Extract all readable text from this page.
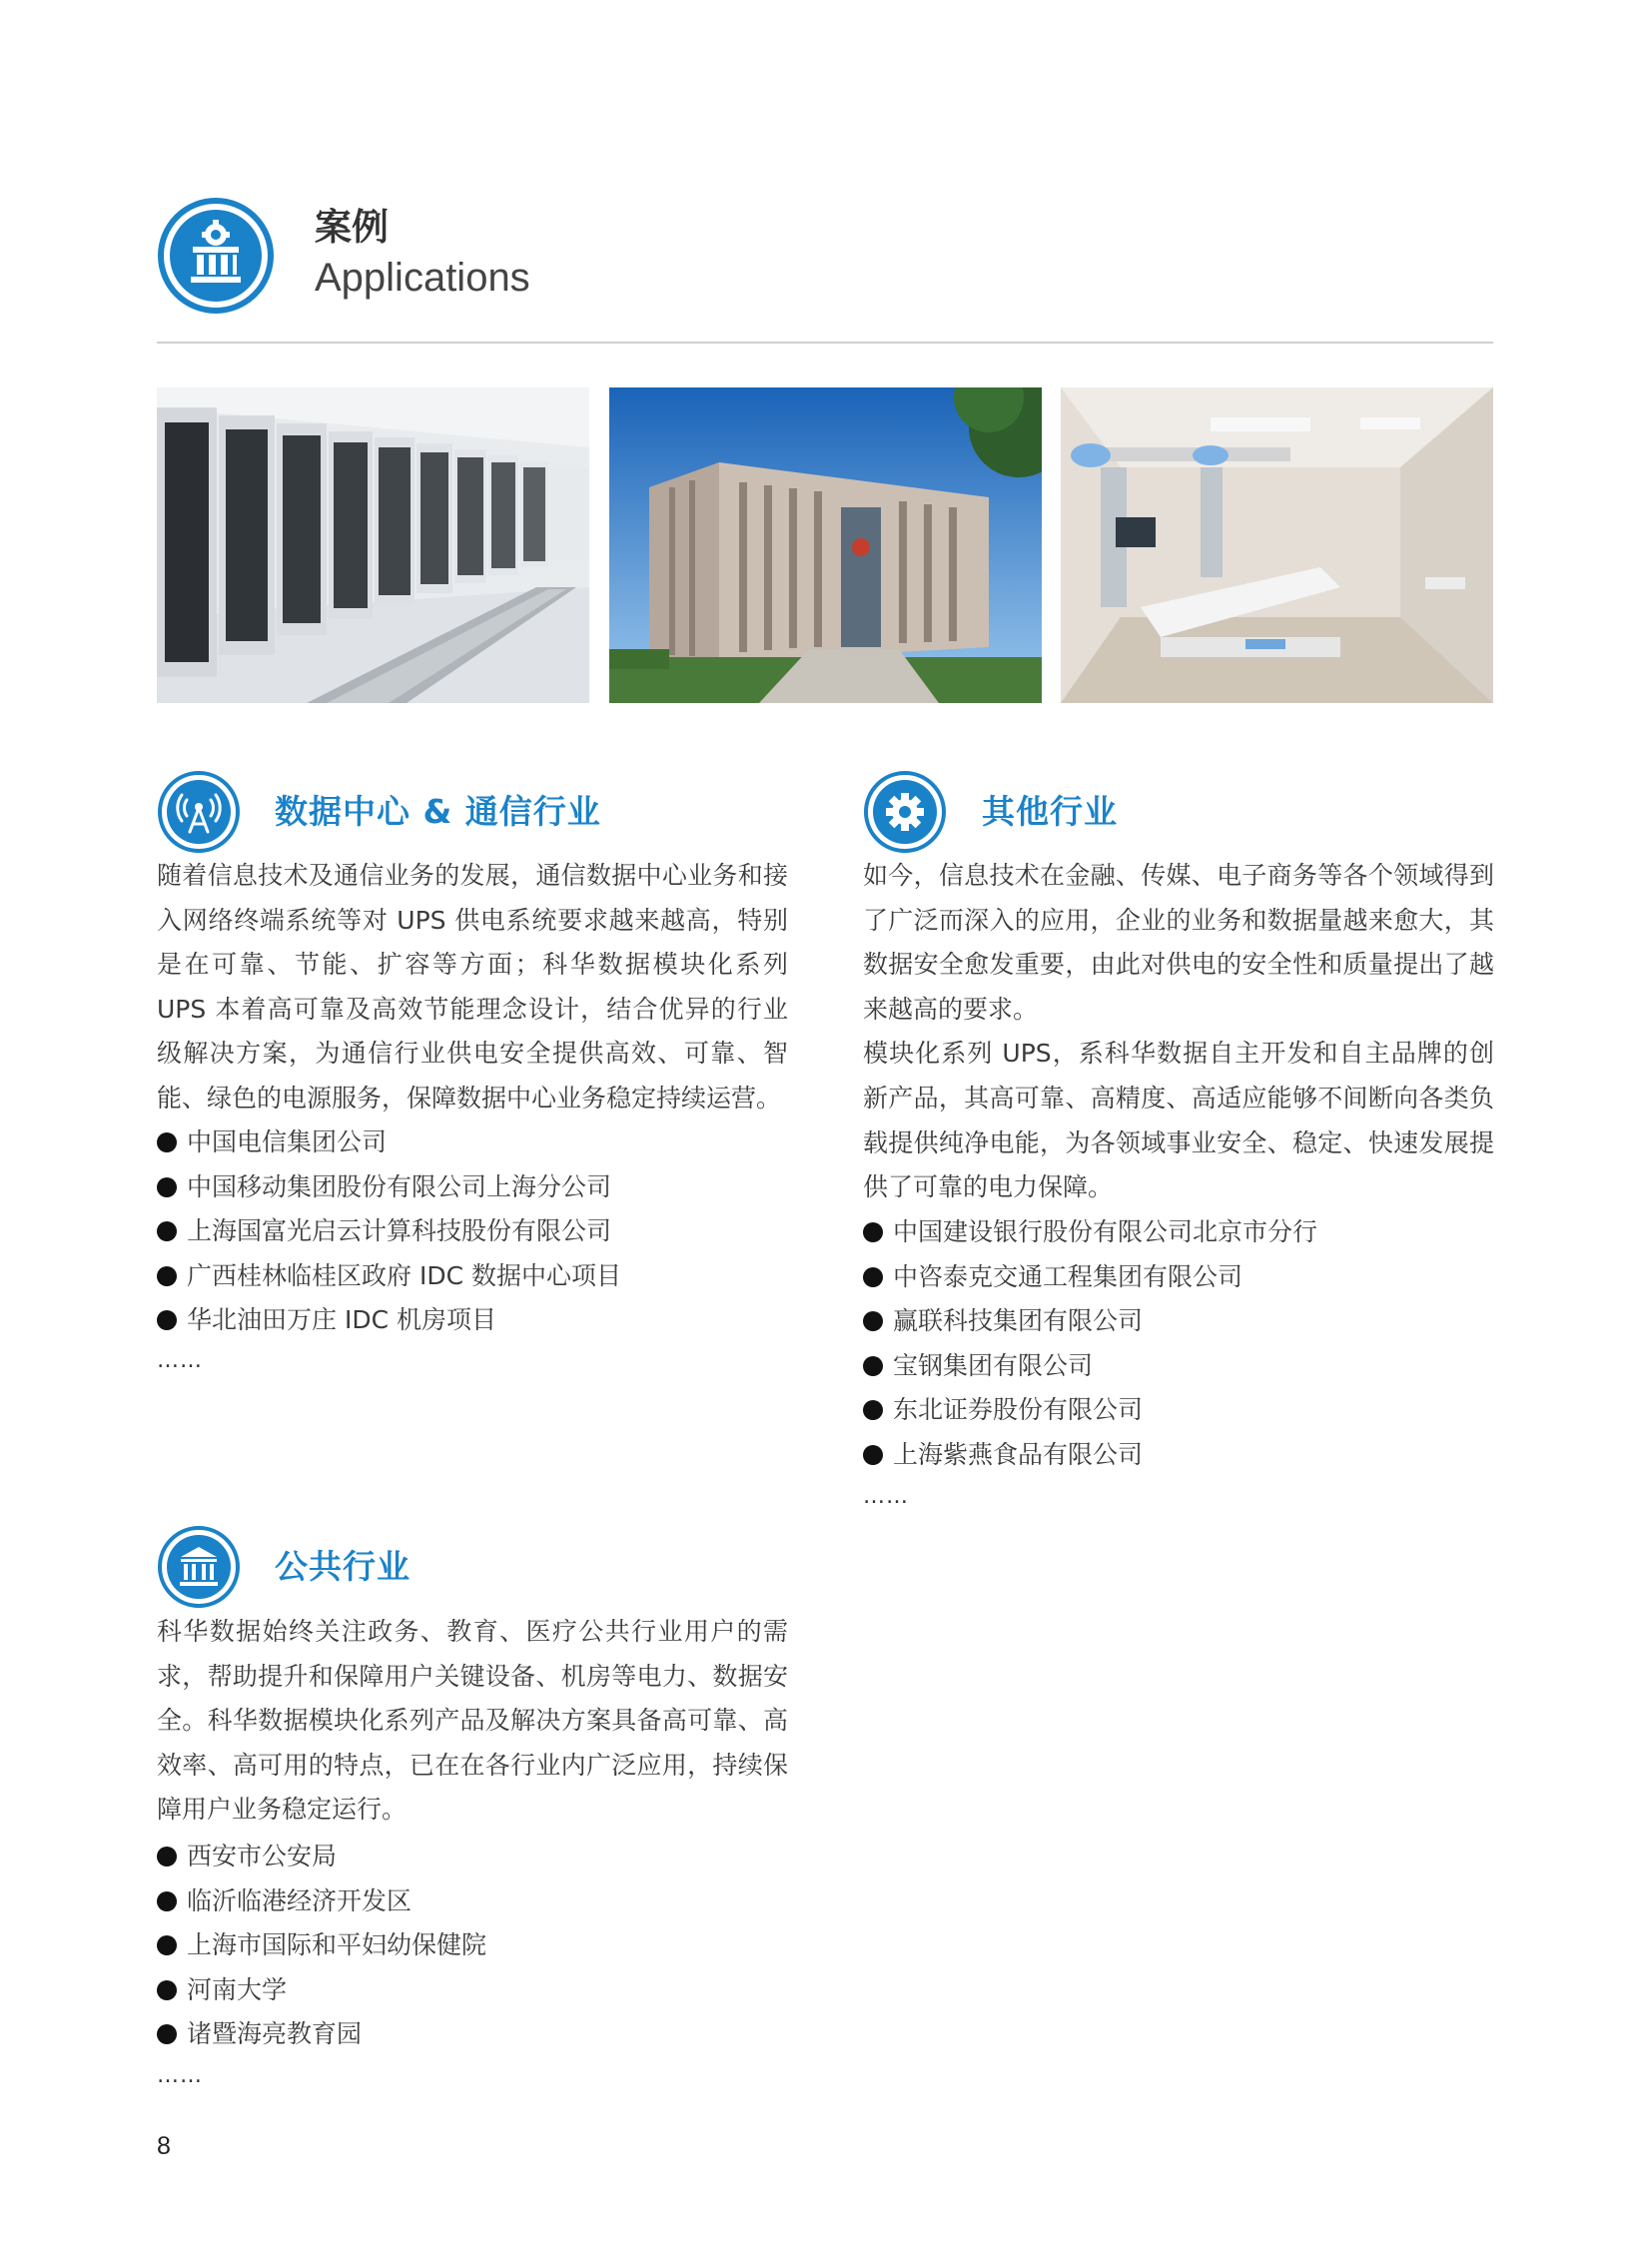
案例
Applications
数据中心 & 通信行业

随着信息技术及通信业务的发展，通信数据中心业务和接入网络终端系统等对 UPS 供电系统要求越来越高，特别是在可靠、节能、扩容等方面；科华数据模块化系列 UPS 本着高可靠及高效节能理念设计，结合优异的行业级解决方案，为通信行业供电安全提供高效、可靠、智能、绿色的电源服务，保障数据中心业务稳定持续运营。

中国电信集团公司
中国移动集团股份有限公司上海分公司
上海国富光启云计算科技股份有限公司
广西桂林临桂区政府 IDC 数据中心项目
华北油田万庄 IDC 机房项目
……
公共行业

科华数据始终关注政务、教育、医疗公共行业用户的需求，帮助提升和保障用户关键设备、机房等电力、数据安全。科华数据模块化系列产品及解决方案具备高可靠、高效率、高可用的特点，已在在各行业内广泛应用，持续保障用户业务稳定运行。

西安市公安局
临沂临港经济开发区
上海市国际和平妇幼保健院
河南大学
诸暨海亮教育园
……
其他行业

如今，信息技术在金融、传媒、电子商务等各个领域得到了广泛而深入的应用，企业的业务和数据量越来愈大，其数据安全愈发重要，由此对供电的安全性和质量提出了越来越高的要求。

模块化系列 UPS，系科华数据自主开发和自主品牌的创新产品，其高可靠、高精度、高适应能够不间断向各类负载提供纯净电能，为各领域事业安全、稳定、快速发展提供了可靠的电力保障。

中国建设银行股份有限公司北京市分行
中咨泰克交通工程集团有限公司
赢联科技集团有限公司
宝钢集团有限公司
东北证券股份有限公司
上海紫燕食品有限公司
……
8
